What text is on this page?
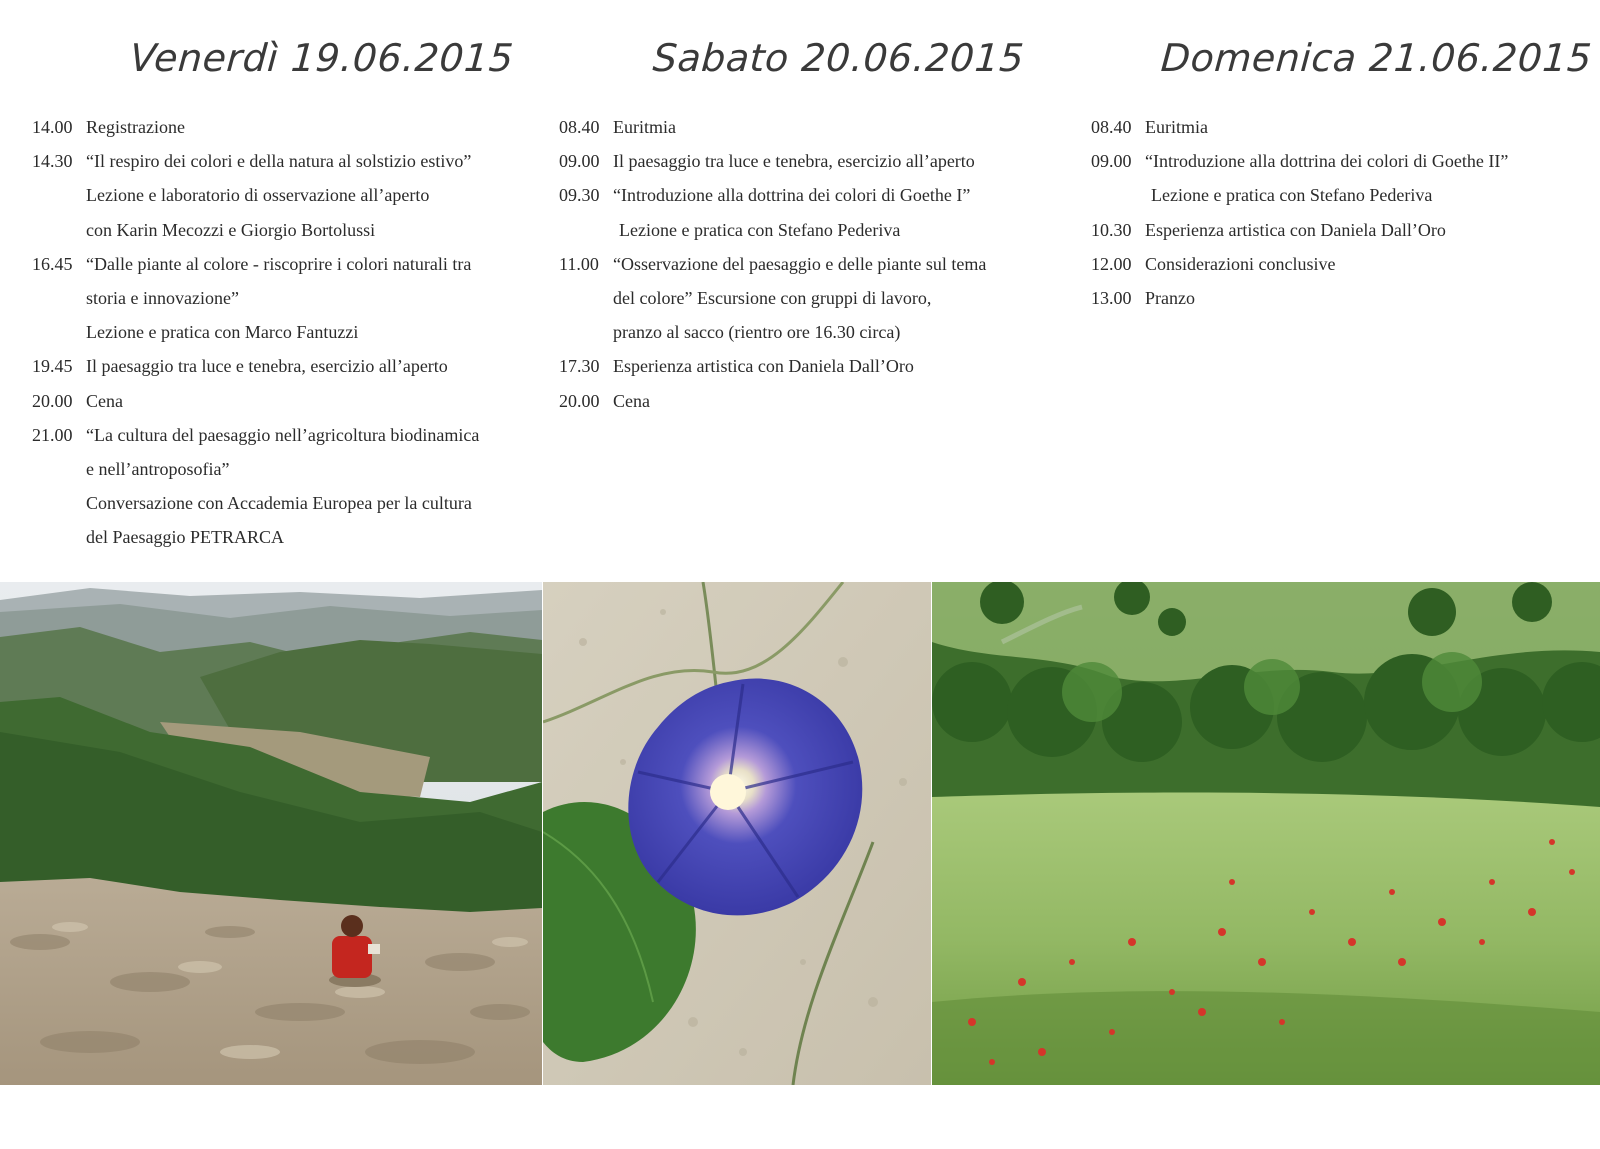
Venerdì 19.06.2015
14.00 Registrazione
14.30 “Il respiro dei colori e della natura al solstizio estivo”
Lezione e laboratorio di osservazione all’aperto
con Karin Mecozzi e Giorgio Bortolussi
16.45 “Dalle piante al colore - riscoprire i colori naturali tra
storia e innovazione”
Lezione e pratica con Marco Fantuzzi
19.45 Il paesaggio tra luce e tenebra, esercizio all’aperto
20.00 Cena
21.00 “La cultura del paesaggio nell’agricoltura biodinamica
e nell’antroposofia”
Conversazione con Accademia Europea per la cultura
del Paesaggio PETRARCA
Sabato 20.06.2015
08.40 Euritmia
09.00 Il paesaggio tra luce e tenebra, esercizio all’aperto
09.30 “Introduzione alla dottrina dei colori di Goethe I”
Lezione e pratica con Stefano Pederiva
11.00 “Osservazione del paesaggio e delle piante sul tema
del colore” Escursione con gruppi di lavoro,
pranzo al sacco (rientro ore 16.30 circa)
17.30 Esperienza artistica con Daniela Dall’Oro
20.00 Cena
Domenica 21.06.2015
08.40 Euritmia
09.00 “Introduzione alla dottrina dei colori di Goethe II”
Lezione e pratica con Stefano Pederiva
10.30 Esperienza artistica con Daniela Dall’Oro
12.00 Considerazioni conclusive
13.00 Pranzo
